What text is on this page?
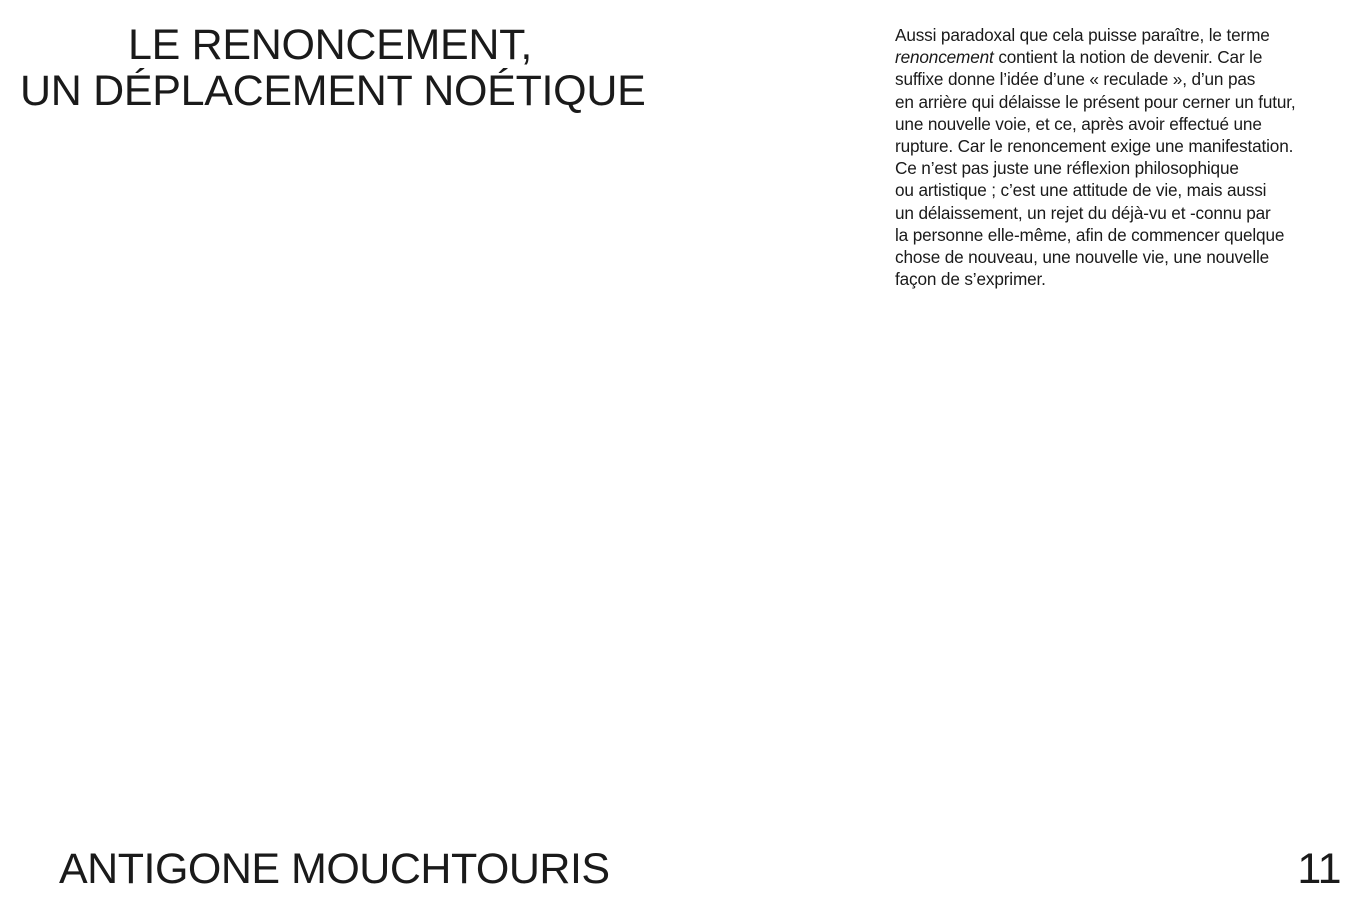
LE RENONCEMENT,
UN DÉPLACEMENT NOÉTIQUE

Aussi paradoxal que cela puisse paraître, le terme
renoncement contient la notion de devenir. Car le
suffixe donne l’idée d’une « reculade », d’un pas
en arrière qui délaisse le présent pour cerner un futur,
une nouvelle voie, et ce, après avoir effectué une
rupture. Car le renoncement exige une manifestation.
Ce n’est pas juste une réflexion philosophique
ou artistique ; c’est une attitude de vie, mais aussi
un délaissement, un rejet du déjà-vu et -connu par
la personne elle-même, afin de commencer quelque
chose de nouveau, une nouvelle vie, une nouvelle
façon de s’exprimer.

ANTIGONE MOUCHTOURIS	11
